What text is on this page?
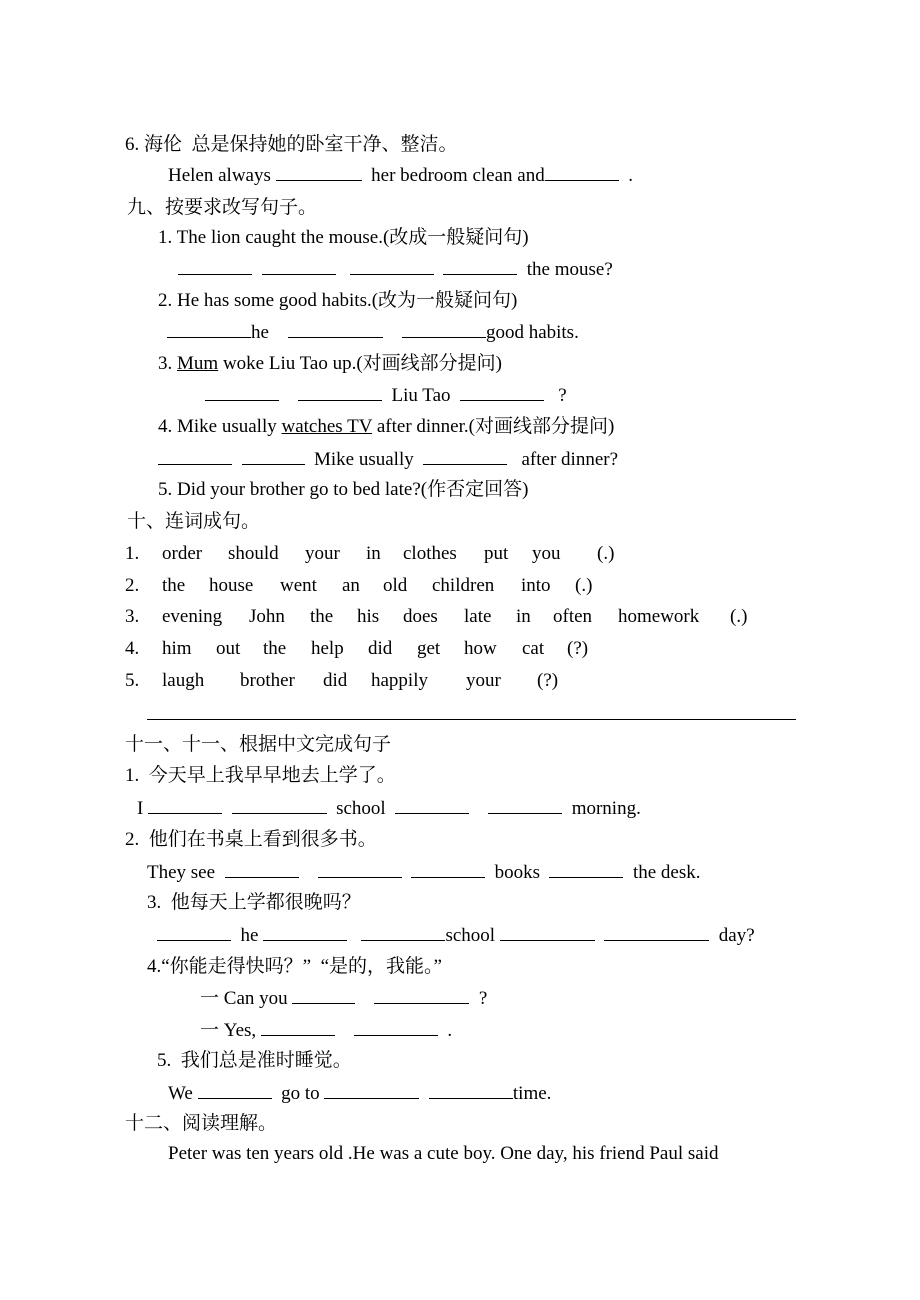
6. 海伦 总是保持她的卧室干净、整洁。
Helen always	her bedroom clean and	.
九、按要求改写句子。
1. The lion caught the mouse.(改成一般疑问句)
the mouse?
2. He has some good habits.(改为一般疑问句)
he	good habits.
3. Mum woke Liu Tao up.(对画线部分提问)
Liu Tao	?
4. Mike usually watches TV after dinner.(对画线部分提问)
Mike usually	after dinner?
5. Did your brother go to bed late?(作否定回答)
十、连词成句。
1. order should your in clothes put you (.)
2. the house went an old children into (.)
3. evening John the his does late in often homework (.)
4. him out the help did get how cat (?)
5. laugh brother did happily your (?)
十一、十一、根据中文完成句子
1.  今天早上我早早地去上学了。
I	school	morning.
2.  他们在书桌上看到很多书。
They see	books	the desk.
3.  他每天上学都很晚吗？
he	school	day?
4.“你能走得快吗？”  “是的，我能。”
一 Can you	?
一 Yes,	.
5.  我们总是准时睡觉。
We	go to	time.
十二、阅读理解。
Peter was ten years old .He was a cute boy. One day, his friend Paul said
